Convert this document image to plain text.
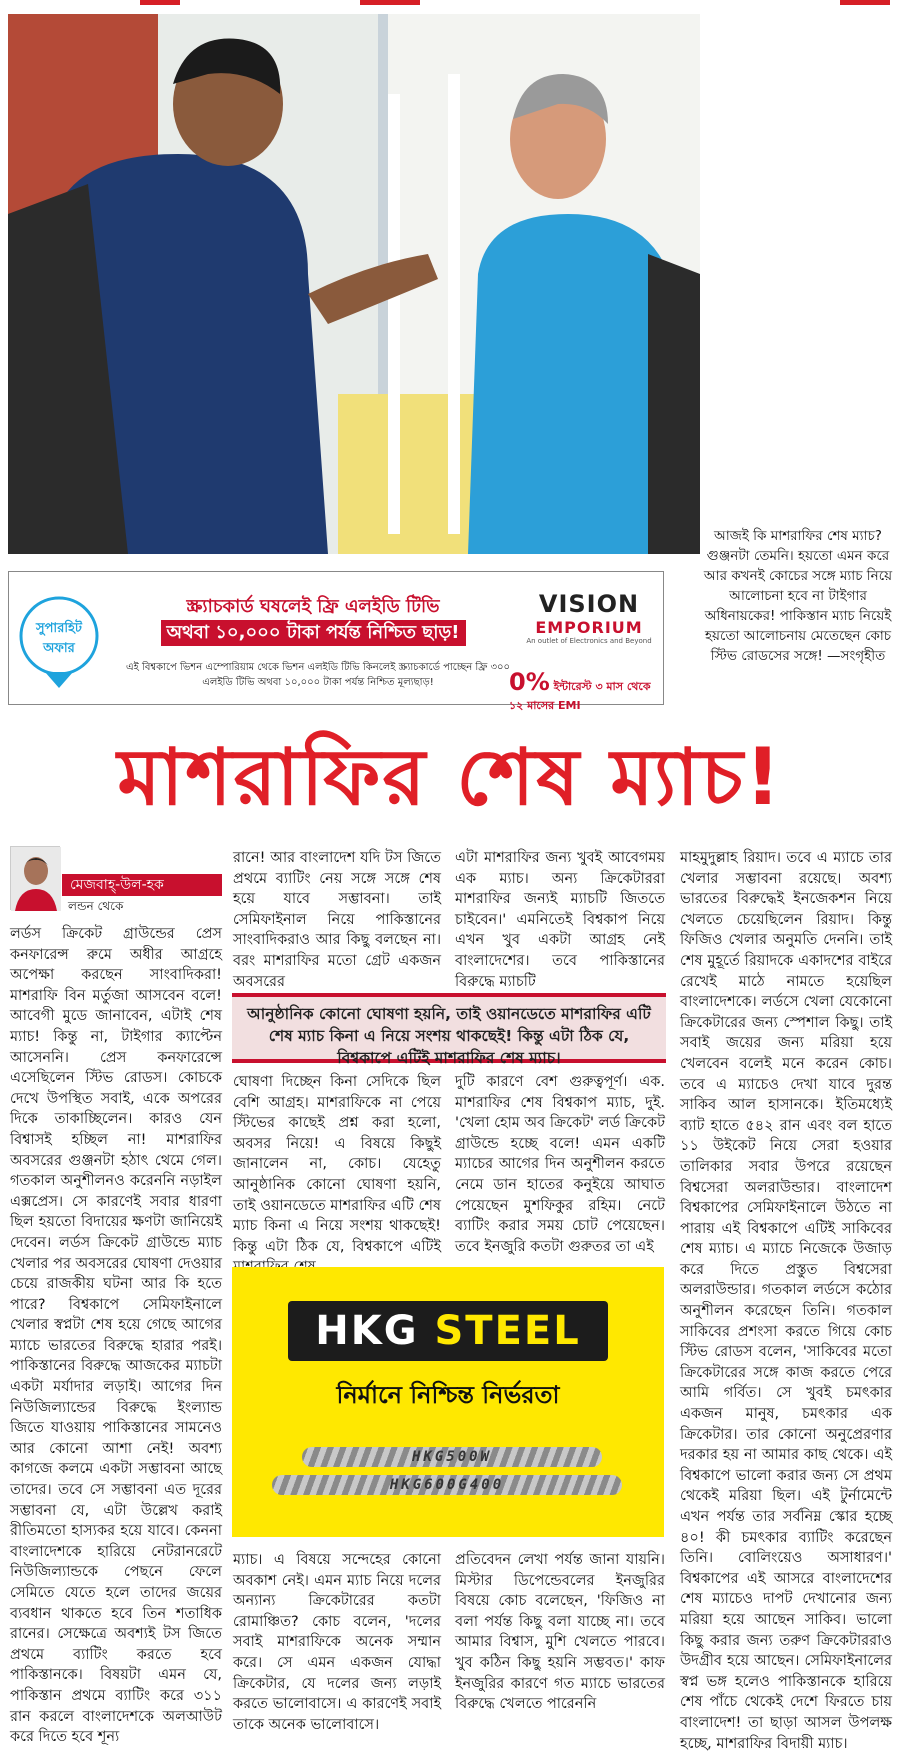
আজই কি মাশরাফির শেষ ম্যাচ? গুঞ্জনটা তেমনি। হয়তো এমন করে আর কখনই কোচের সঙ্গে ম্যাচ নিয়ে আলোচনা হবে না টাইগার অধিনায়কের! পাকিস্তান ম্যাচ নিয়েই হয়তো আলোচনায় মেতেছেন কোচ স্টিভ রোডসের সঙ্গে! —সংগৃহীত
সুপারহিট
অফার
স্ক্র্যাচকার্ড ঘষলেই ফ্রি এলইডি টিভি
অথবা ১০,০০০ টাকা পর্যন্ত নিশ্চিত ছাড়!
এই বিশ্বকাপে ভিশন এম্পোরিয়াম থেকে ভিশন এলইডি টিভি কিনলেই স্ক্র্যাচকার্ডে পাচ্ছেন ফ্রি ৩০০ এলইডি টিভি অথবা ১০,০০০ টাকা পর্যন্ত নিশ্চিত মূল্যছাড়!
VISION
EMPORIUM
An outlet of Electronics and Beyond
0% ইন্টারেস্ট ৩ মাস থেকে ১২ মাসের EMI
মাশরাফির শেষ ম্যাচ!
মেজবাহ্-উল-হক
লন্ডন থেকে
লর্ডস ক্রিকেট গ্রাউন্ডের প্রেস কনফারেন্স রুমে অধীর আগ্রহে অপেক্ষা করছেন সাংবাদিকরা! মাশরাফি বিন মর্তুজা আসবেন বলে! আবেগী মুডে জানাবেন, এটাই শেষ ম্যাচ! কিন্তু না, টাইগার ক্যাপ্টেন আসেননি। প্রেস কনফারেন্সে এসেছিলেন স্টিভ রোডস। কোচকে দেখে উপস্থিত সবাই, একে অপরের দিকে তাকাচ্ছিলেন। কারও যেন বিশ্বাসই হচ্ছিল না! মাশরাফির অবসরের গুঞ্জনটা হঠাৎ থেমে গেল। গতকাল অনুশীলনও করেননি নড়াইল এক্সপ্রেস। সে কারণেই সবার ধারণা ছিল হয়তো বিদায়ের ক্ষণটা জানিয়েই দেবেন। লর্ডস ক্রিকেট গ্রাউন্ডে ম্যাচ খেলার পর অবসরের ঘোষণা দেওয়ার চেয়ে রাজকীয় ঘটনা আর কি হতে পারে? বিশ্বকাপে সেমিফাইনালে খেলার স্বপ্নটা শেষ হয়ে গেছে আগের ম্যাচে ভারতের বিরুদ্ধে হারার পরই। পাকিস্তানের বিরুদ্ধে আজকের ম্যাচটা একটা মর্যাদার লড়াই। আগের দিন নিউজিল্যান্ডের বিরুদ্ধে ইংল্যান্ড জিতে যাওয়ায় পাকিস্তানের সামনেও আর কোনো আশা নেই! অবশ্য কাগজে কলমে একটা সম্ভাবনা আছে তাদের। তবে সে সম্ভাবনা এত দূরের সম্ভাবনা যে, এটা উল্লেখ করাই রীতিমতো হাস্যকর হয়ে যাবে। কেননা বাংলাদেশকে হারিয়ে নেটরানরেটে নিউজিল্যান্ডকে পেছনে ফেলে সেমিতে যেতে হলে তাদের জয়ের ব্যবধান থাকতে হবে তিন শতাধিক রানের। সেক্ষেত্রে অবশ্যই টস জিতে প্রথমে ব্যাটিং করতে হবে পাকিস্তানকে। বিষয়টা এমন যে, পাকিস্তান প্রথমে ব্যাটিং করে ৩১১ রান করলে বাংলাদেশকে অলআউট করে দিতে হবে শূন্য
রানে! আর বাংলাদেশ যদি টস জিতে প্রথমে ব্যাটিং নেয় সঙ্গে সঙ্গে শেষ হয়ে যাবে সম্ভাবনা। তাই সেমিফাইনাল নিয়ে পাকিস্তানের সাংবাদিকরাও আর কিছু বলছেন না। বরং মাশরাফির মতো গ্রেট একজন অবসরের
আনুষ্ঠানিক কোনো ঘোষণা হয়নি, তাই ওয়ানডেতে মাশরাফির এটি শেষ ম্যাচ কিনা এ নিয়ে সংশয় থাকছেই! কিন্তু এটা ঠিক যে, বিশ্বকাপে এটিই মাশরাফির শেষ ম্যাচ।
ঘোষণা দিচ্ছেন কিনা সেদিকে ছিল বেশি আগ্রহ। মাশরাফিকে না পেয়ে স্টিভের কাছেই প্রশ্ন করা হলো, অবসর নিয়ে! এ বিষয়ে কিছুই জানালেন না, কোচ। যেহেতু আনুষ্ঠানিক কোনো ঘোষণা হয়নি, তাই ওয়ানডেতে মাশরাফির এটি শেষ ম্যাচ কিনা এ নিয়ে সংশয় থাকছেই! কিন্তু এটা ঠিক যে, বিশ্বকাপে এটিই
ম্যাচ। এ বিষয়ে সন্দেহের কোনো অবকাশ নেই। এমন ম্যাচ নিয়ে দলের অন্যান্য ক্রিকেটারের কতটা রোমাঞ্চিত? কোচ বলেন, 'দলের সবাই মাশরাফিকে অনেক সম্মান করে। সে এমন একজন যোদ্ধা ক্রিকেটার, যে দলের জন্য লড়াই করতে ভালোবাসে। এ কারণেই সবাই তাকে অনেক ভালোবাসে।
এটা মাশরাফির জন্য খুবই আবেগময় এক ম্যাচ। অন্য ক্রিকেটাররা মাশরাফির জন্যই ম্যাচটি জিততে চাইবেন।' এমনিতেই বিশ্বকাপ নিয়ে এখন খুব একটা আগ্রহ নেই বাংলাদেশের। তবে পাকিস্তানের বিরুদ্ধে ম্যাচটি
দুটি কারণে বেশ গুরুত্বপূর্ণ। এক. মাশরাফির শেষ বিশ্বকাপ ম্যাচ, দুই. 'খেলা হোম অব ক্রিকেট' লর্ড ক্রিকেট গ্রাউন্ডে হচ্ছে বলে! এমন একটি ম্যাচের আগের দিন অনুশীলন করতে নেমে ডান হাতের কনুইয়ে আঘাত পেয়েছেন মুশফিকুর রহিম। নেটে ব্যাটিং করার সময় চোট পেয়েছেন। তবে ইনজুরি কতটা গুরুতর তা এই
প্রতিবেদন লেখা পর্যন্ত জানা যায়নি। মিস্টার ডিপেন্ডেবলের ইনজুরির বিষয়ে কোচ বলেছেন, 'ফিজিও না বলা পর্যন্ত কিছু বলা যাচ্ছে না। তবে আমার বিশ্বাস, মুশি খেলতে পারবে। খুব কঠিন কিছু হয়নি সম্ভবত।' কাফ ইনজুরির কারণে গত ম্যাচে ভারতের বিরুদ্ধে খেলতে পারেননি
মাহমুদুল্লাহ রিয়াদ। তবে এ ম্যাচে তার খেলার সম্ভাবনা রয়েছে। অবশ্য ভারতের বিরুদ্ধেই ইনজেকশন নিয়ে খেলতে চেয়েছিলেন রিয়াদ। কিন্তু ফিজিও খেলার অনুমতি দেননি। তাই শেষ মুহূর্তে রিয়াদকে একাদশের বাইরে রেখেই মাঠে নামতে হয়েছিল বাংলাদেশকে। লর্ডসে খেলা যেকোনো ক্রিকেটারের জন্য স্পেশাল কিছু। তাই সবাই জয়ের জন্য মরিয়া হয়ে খেলবেন বলেই মনে করেন কোচ। তবে এ ম্যাচেও দেখা যাবে দুরন্ত সাকিব আল হাসানকে। ইতিমধ্যেই ব্যাট হাতে ৫৪২ রান এবং বল হাতে ১১ উইকেট নিয়ে সেরা হওয়ার তালিকার সবার উপরে রয়েছেন বিশ্বসেরা অলরাউন্ডার। বাংলাদেশ বিশ্বকাপের সেমিফাইনালে উঠতে না পারায় এই বিশ্বকাপে এটিই সাকিবের শেষ ম্যাচ। এ ম্যাচে নিজেকে উজাড় করে দিতে প্রস্তুত বিশ্বসেরা অলরাউন্ডার। গতকাল লর্ডসে কঠোর অনুশীলন করেছেন তিনি। গতকাল সাকিবের প্রশংসা করতে গিয়ে কোচ স্টিভ রোডস বলেন, 'সাকিবের মতো ক্রিকেটারের সঙ্গে কাজ করতে পেরে আমি গর্বিত। সে খুবই চমৎকার একজন মানুষ, চমৎকার এক ক্রিকেটার। তার কোনো অনুপ্রেরণার দরকার হয় না আমার কাছ থেকে। এই বিশ্বকাপে ভালো করার জন্য সে প্রথম থেকেই মরিয়া ছিল। এই টুর্নামেন্টে এখন পর্যন্ত তার সর্বনিম্ন স্কোর হচ্ছে ৪০! কী চমৎকার ব্যাটিং করেছেন তিনি। বোলিংয়েও অসাধারণ।' বিশ্বকাপের এই আসরে বাংলাদেশের শেষ ম্যাচেও দাপট দেখানোর জন্য মরিয়া হয়ে আছেন সাকিব। ভালো কিছু করার জন্য তরুণ ক্রিকেটাররাও উদগ্রীব হয়ে আছেন। সেমিফাইনালের স্বপ্ন ভঙ্গ হলেও পাকিস্তানকে হারিয়ে শেষ পাঁচে থেকেই দেশে ফিরতে চায় বাংলাদেশ! তা ছাড়া আসল উপলক্ষ হচ্ছে, মাশরাফির বিদায়ী ম্যাচ।
HKG STEEL
নির্মানে নিশ্চিন্ত নির্ভরতা
HKG500W
HKG600G400
